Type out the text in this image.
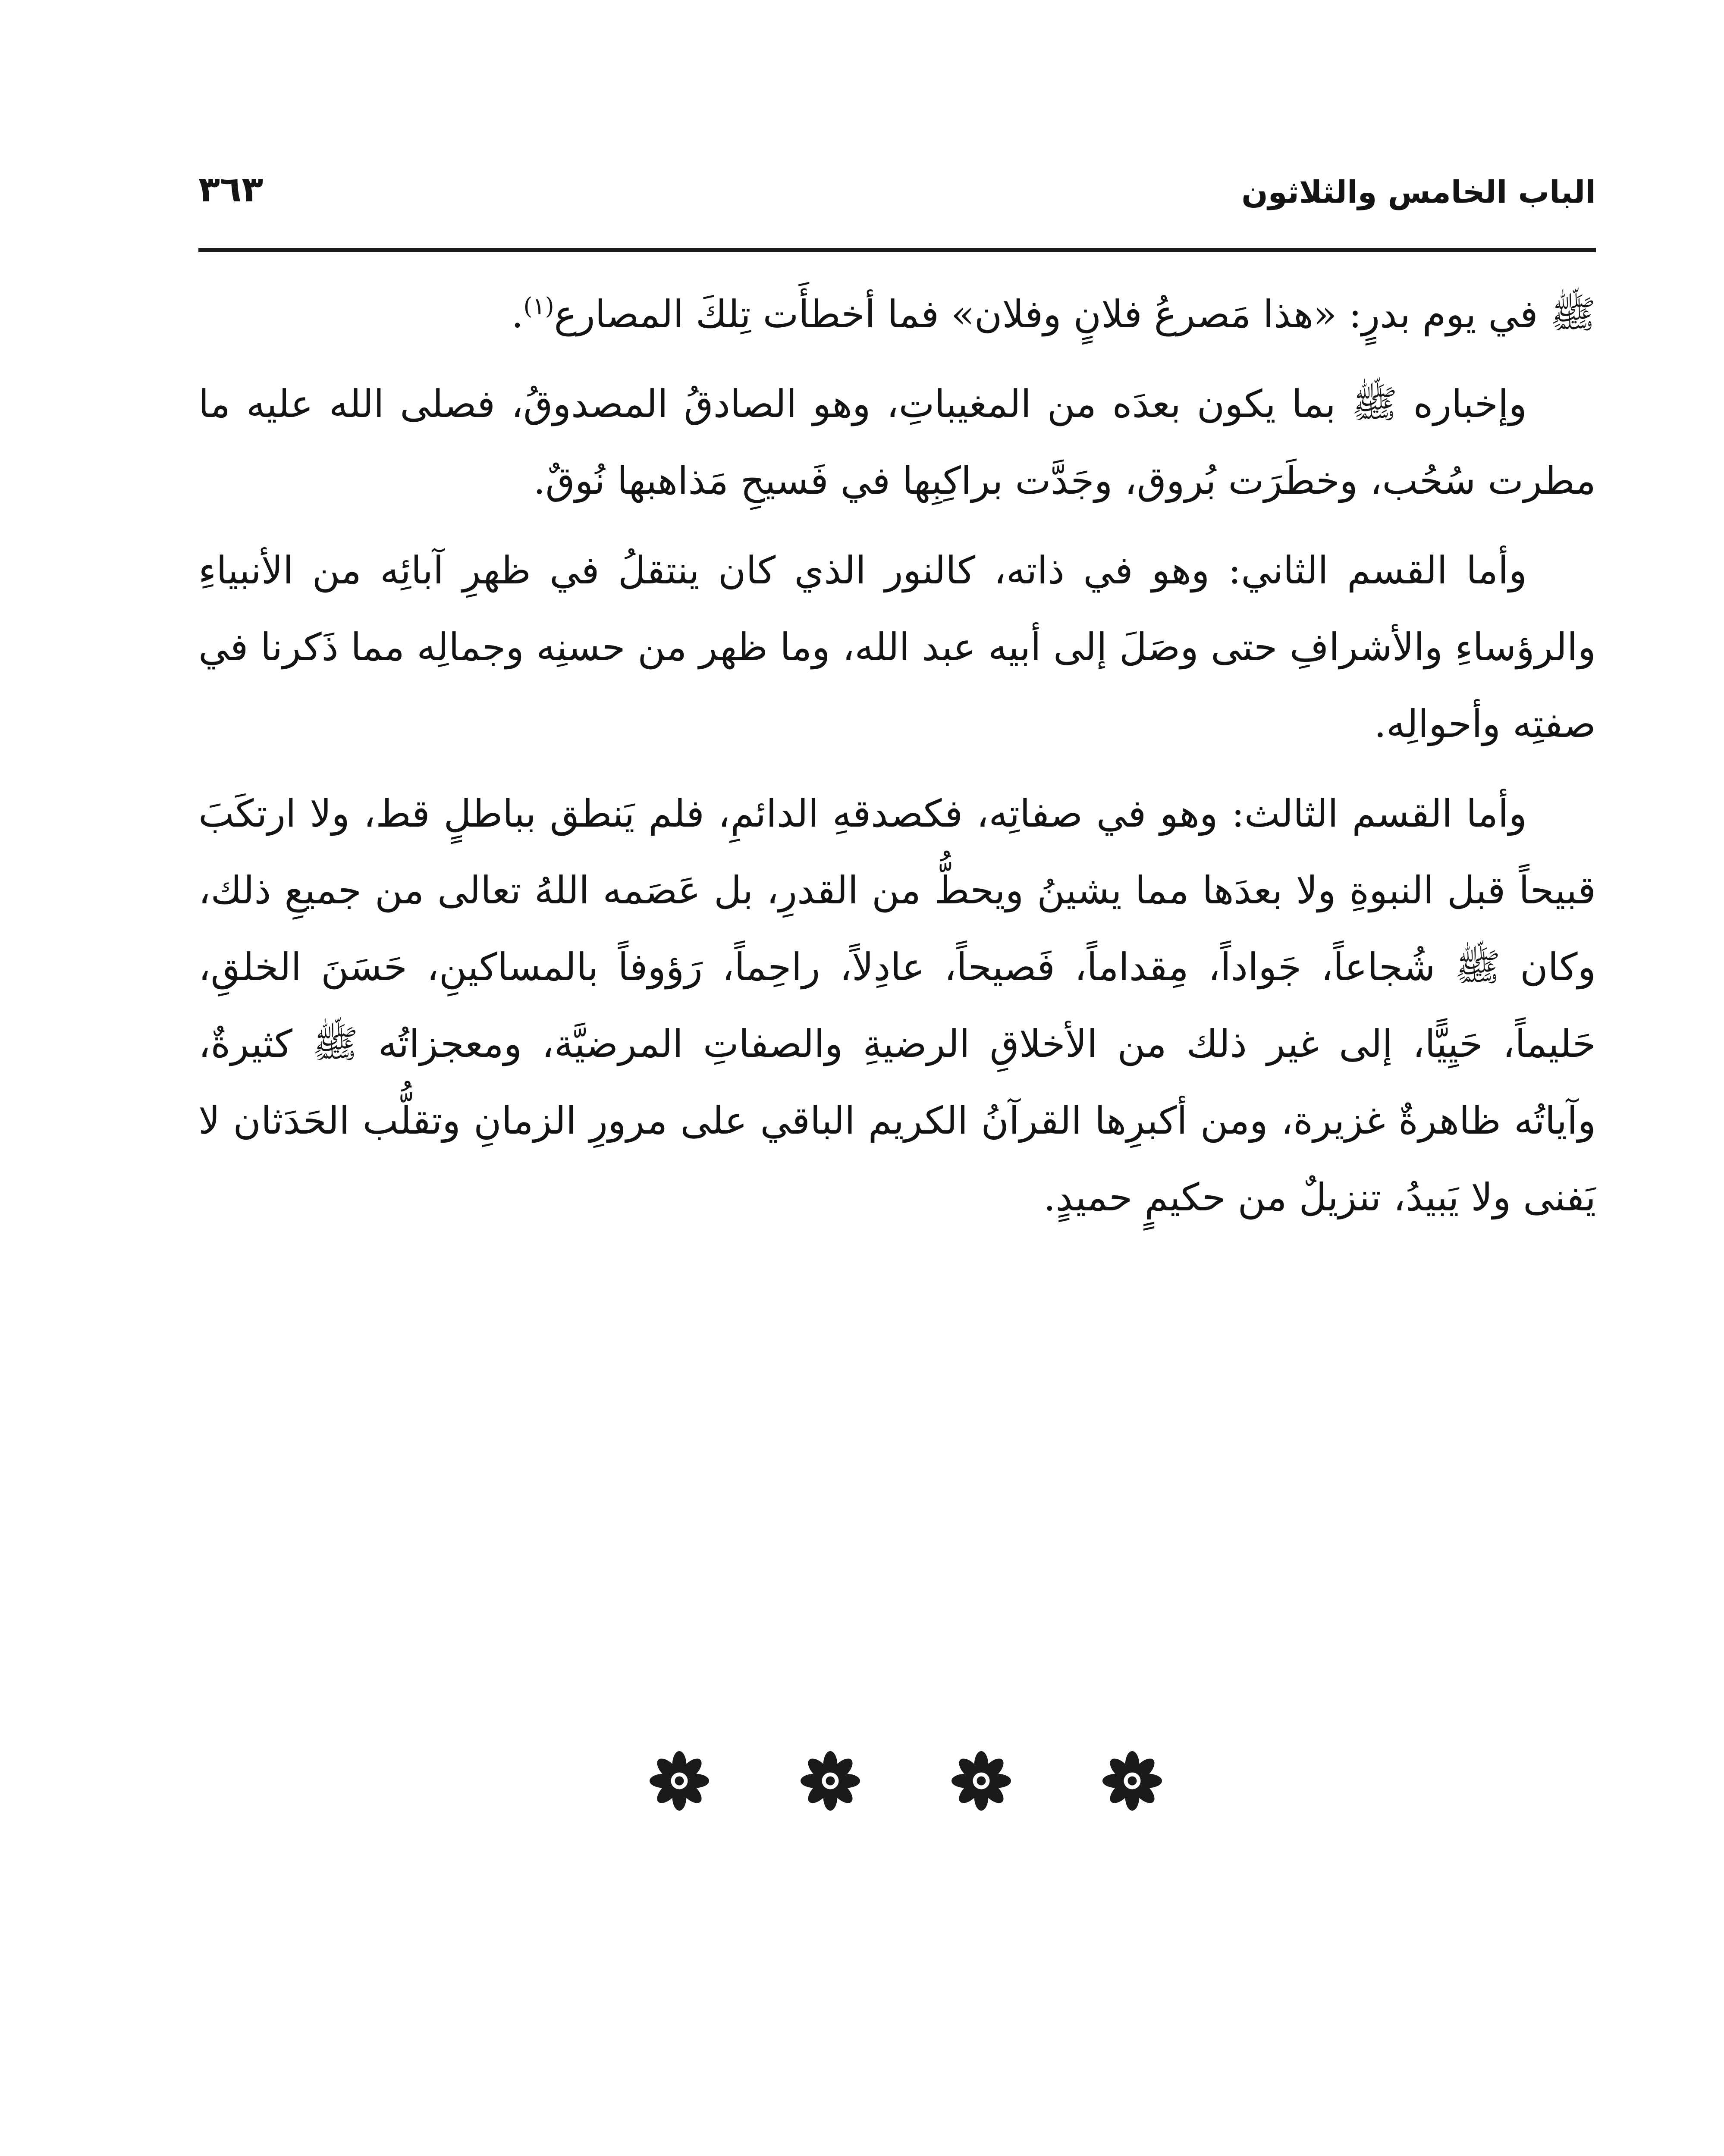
الباب الخامس والثلاثون
٣٦٣

ﷺ في يوم بدرٍ: «هذا مَصرعُ فلانٍ وفلان» فما أخطأَت تِلكَ المصارع$^{(١)}$.

وإخباره ﷺ بما يكون بعدَه من المغيباتِ، وهو الصادقُ المصدوقُ، فصلى الله عليه ما مطرت سُحُب، وخطَرَت بُروق، وجَدَّت براكِبِها في فَسيحِ مَذاهبها نُوقٌ.

وأما القسم الثاني: وهو في ذاته، كالنور الذي كان ينتقلُ في ظهرِ آبائِه من الأنبياءِ والرؤساءِ والأشرافِ حتى وصَلَ إلى أبيه عبد الله، وما ظهر من حسنِه وجمالِه مما ذَكرنا في صفتِه وأحوالِه.

وأما القسم الثالث: وهو في صفاتِه، فكصدقهِ الدائمِ، فلم يَنطق بباطلٍ قط، ولا ارتكَبَ قبيحاً قبل النبوةِ ولا بعدَها مما يشينُ ويحطُّ من القدرِ، بل عَصَمه اللهُ تعالى من جميعِ ذلك، وكان ﷺ شُجاعاً، جَواداً، مِقداماً، فَصيحاً، عادِلاً، راحِماً، رَؤوفاً بالمساكينِ، حَسَنَ الخلقِ، حَليماً، حَيِيًّا، إلى غير ذلك من الأخلاقِ الرضيةِ والصفاتِ المرضيَّة، ومعجزاتُه ﷺ كثيرةٌ، وآياتُه ظاهرةٌ غزيرة، ومن أكبرِها القرآنُ الكريم الباقي على مرورِ الزمانِ وتقلُّب الحَدَثان لا يَفنى ولا يَبيدُ، تنزيلٌ من حكيمٍ حميدٍ.
